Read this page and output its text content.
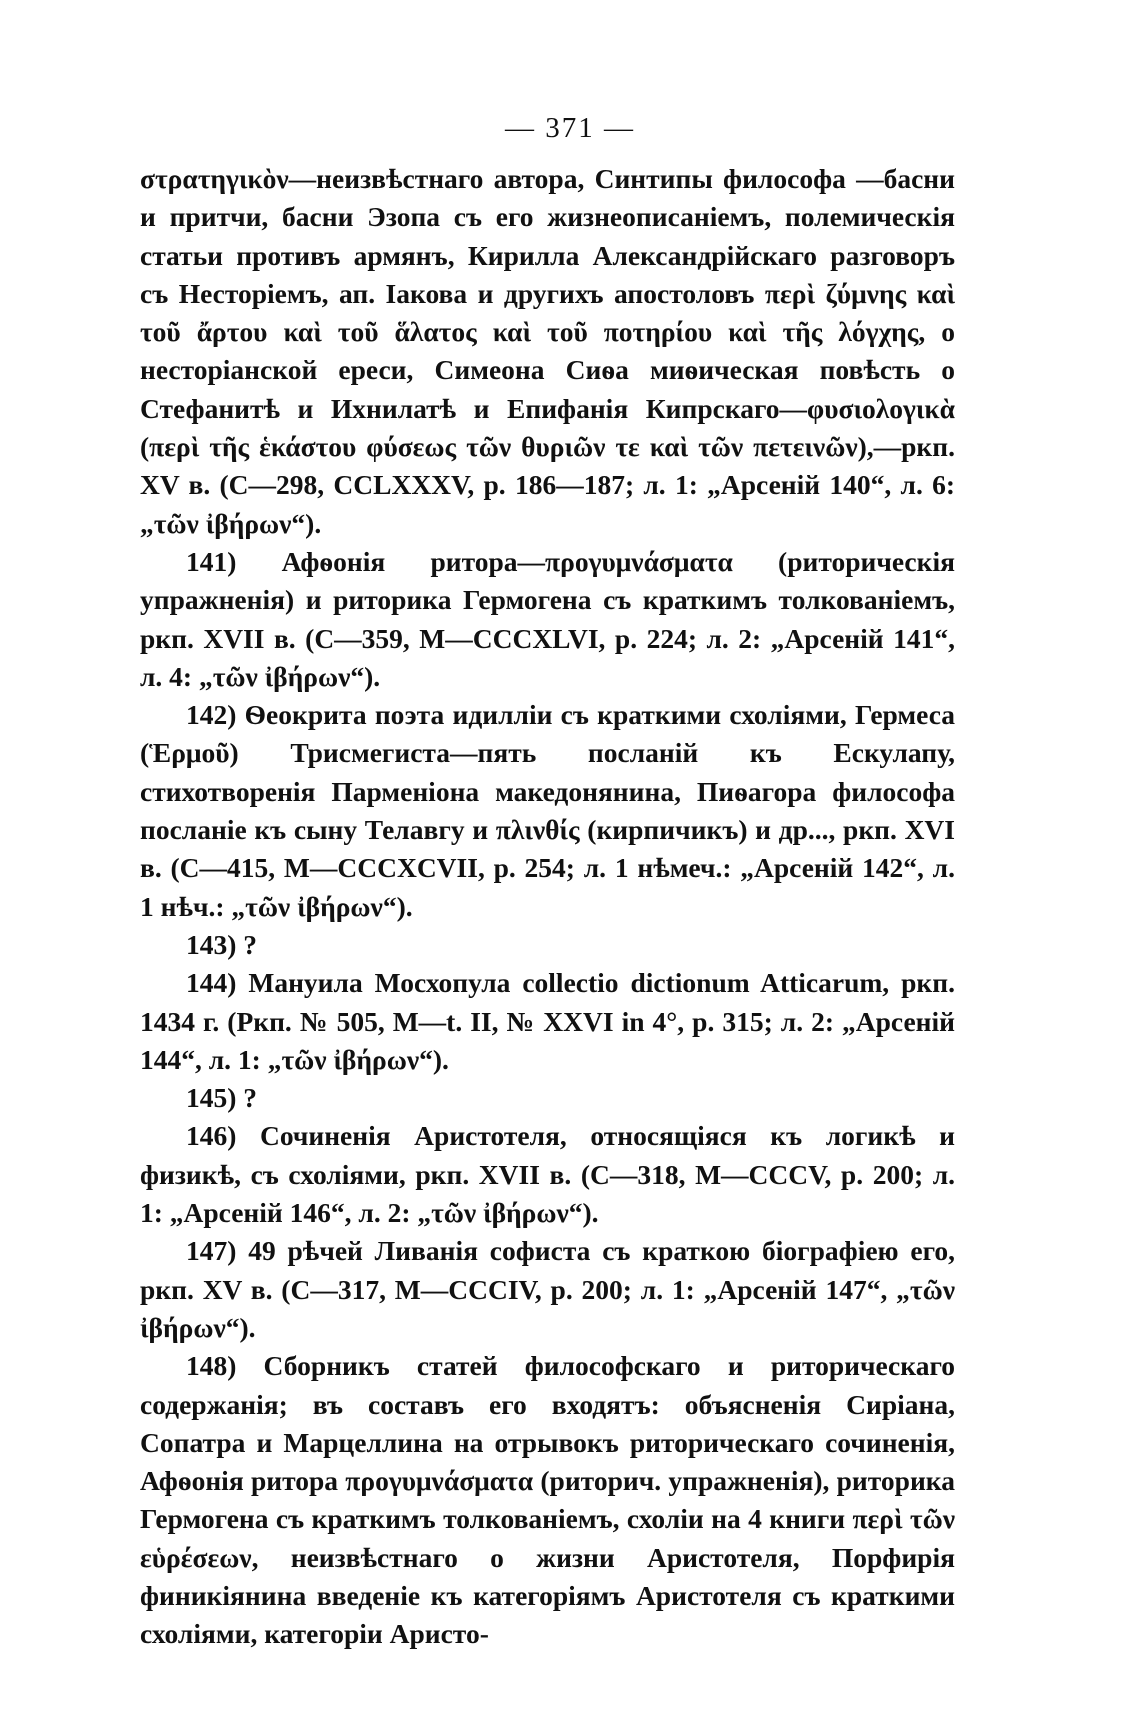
— 371 —

στρατηγικὸν—неизвѣстнаго автора, Синтипы философа —басни и притчи, басни Эзопа съ его жизнеописаніемъ, полемическія статьи противъ армянъ, Кирилла Александрійскаго разговоръ съ Несторіемъ, ап. Іакова и другихъ апостоловъ περὶ ζύμνης καὶ τοῦ ἄρτου καὶ τοῦ ἅλατος καὶ τοῦ ποτηρίου καὶ τῆς λόγχης, о несторіанской ереси, Симеона Сиѳа миѳическая повѣсть о Стефанитѣ и Ихнилатѣ и Епифанія Кипрскаго—φυσιολογικὰ (περὶ τῆς ἑκάστου φύσεως τῶν θυριῶν τε καὶ τῶν πετεινῶν),—ркп. XV в. (С—298, CCLXXXV, р. 186—187; л. 1: „Арсеній 140“, л. 6: „τῶν ἰβήρων“).

141) Афѳонія ритора—προγυμνάσματα (риторическія упражненія) и риторика Гермогена съ краткимъ толкованіемъ, ркп. XVII в. (С—359, М—СССXLVI, р. 224; л. 2: „Арсеній 141“, л. 4: „τῶν ἰβήρων“).

142) Ѳеокрита поэта идилліи съ краткими схоліями, Гермеса (Ἑρμοῦ) Трисмегиста—пять посланій къ Ескулапу, стихотворенія Парменіона македонянина, Пиѳагора философа посланіе къ сыну Телавгу и πλινθίς (кирпичикъ) и др..., ркп. XVI в. (С—415, М—СССXCVII, р. 254; л. 1 нѣмеч.: „Арсеній 142“, л. 1 нѣч.: „τῶν ἰβήρων“).

143) ?

144) Мануила Мосхопула collectio dictionum Atticarum, ркп. 1434 г. (Ркп. № 505, М—t. II, № XXVI in 4°, р. 315; л. 2: „Арсеній 144“, л. 1: „τῶν ἰβήρων“).

145) ?

146) Сочиненія Аристотеля, относящіяся къ логикѣ и физикѣ, съ схоліями, ркп. XVII в. (С—318, М—СССV, р. 200; л. 1: „Арсеній 146“, л. 2: „τῶν ἰβήρων“).

147) 49 рѣчей Ливанія софиста съ краткою біографіею его, ркп. XV в. (С—317, М—СССIV, р. 200; л. 1: „Арсеній 147“, „τῶν ἰβήρων“).

148) Сборникъ статей философскаго и риторическаго содержанія; въ составъ его входятъ: объясненія Сиріана, Сопатра и Марцеллина на отрывокъ риторическаго сочиненія, Афѳонія ритора προγυμνάσματα (риторич. упражненія), риторика Гермогена съ краткимъ толкованіемъ, схоліи на 4 книги περὶ τῶν εὑρέσεων, неизвѣстнаго о жизни Аристотеля, Порфирія финикіянина введеніе къ категоріямъ Аристотеля съ краткими схоліями, категоріи Аристо-
